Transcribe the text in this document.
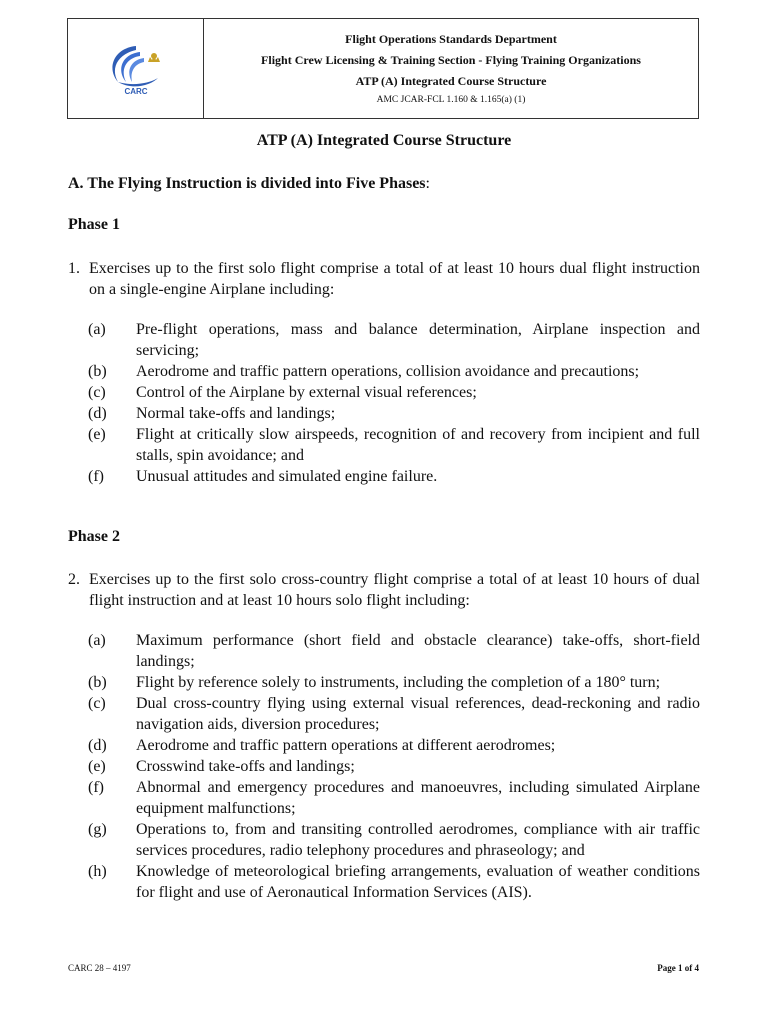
CARC
Flight Operations Standards Department
Flight Crew Licensing & Training Section - Flying Training Organizations
ATP (A) Integrated Course Structure
AMC JCAR-FCL 1.160 & 1.165(a) (1)
ATP (A) Integrated Course Structure
A. The Flying Instruction is divided into Five Phases:
Phase 1
1. Exercises up to the first solo flight comprise a total of at least 10 hours dual flight instruction on a single-engine Airplane including:
(a) Pre-flight operations, mass and balance determination, Airplane inspection and servicing;
(b) Aerodrome and traffic pattern operations, collision avoidance and precautions;
(c) Control of the Airplane by external visual references;
(d) Normal take-offs and landings;
(e) Flight at critically slow airspeeds, recognition of and recovery from incipient and full stalls, spin avoidance; and
(f) Unusual attitudes and simulated engine failure.
Phase 2
2. Exercises up to the first solo cross-country flight comprise a total of at least 10 hours of dual flight instruction and at least 10 hours solo flight including:
(a) Maximum performance (short field and obstacle clearance) take-offs, short-field landings;
(b) Flight by reference solely to instruments, including the completion of a 180° turn;
(c) Dual cross-country flying using external visual references, dead-reckoning and radio navigation aids, diversion procedures;
(d) Aerodrome and traffic pattern operations at different aerodromes;
(e) Crosswind take-offs and landings;
(f) Abnormal and emergency procedures and manoeuvres, including simulated Airplane equipment malfunctions;
(g) Operations to, from and transiting controlled aerodromes, compliance with air traffic services procedures, radio telephony procedures and phraseology; and
(h) Knowledge of meteorological briefing arrangements, evaluation of weather conditions for flight and use of Aeronautical Information Services (AIS).
CARC 28 – 4197	Page 1 of 4
